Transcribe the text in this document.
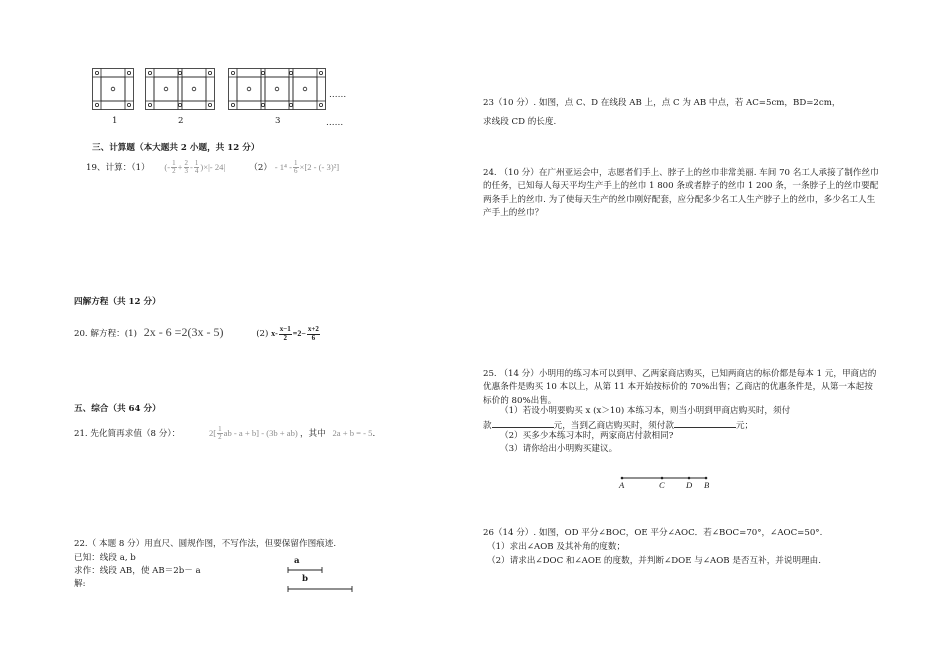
1	2	3
……
……
三、计算题（本大题共 2 小题，共 12 分）
19、计算：（1） (- $\frac{1}{2} + \frac{2}{3} - \frac{1}{4}$ )×|- 24|	$(2) - 1^4 - \frac{1}{6} \times[2$ - (- 3)²]
四解方程（共 12 分）
20. 解方程：(1) 2x - 6 =2(3x - 5)	(2) $x- \frac{x-1}{2} =2- \frac{x+2}{6}$
五、综合（共 64 分）
21. 先化简再求值（8 分）：	$2[ \frac{1}{2}$ ab - a + b] - (3b + ab) ，其中 2a + b = - 5.
22.（ 本题 8 分）用直尺、圆规作图，不写作法，但要保留作图痕迹.
已知：线段 a, b
求作：线段 AB，使 AB＝2b－ a
解:
a
b
23（10 分）. 如图，点 C、D 在线段 AB 上，点 C 为 AB 中点，若 AC=5cm，BD=2cm，
求线段 CD 的长度.
24. （10 分）在广州亚运会中，志愿者们手上、脖子上的丝巾非常美丽. 车间 70 名工人承接了制作丝巾的任务，已知每人每天平均生产手上的丝巾 1 800 条或者脖子的丝巾 1 200 条，一条脖子上的丝巾要配两条手上的丝巾. 为了使每天生产的丝巾刚好配套，应分配多少名工人生产脖子上的丝巾，多少名工人生产手上的丝巾？
25. （14 分）小明用的练习本可以到甲、乙两家商店购买，已知两商店的标价都是每本 1 元，甲商店的优惠条件是购买 10 本以上，从第 11 本开始按标价的 70%出售；乙商店的优惠条件是，从第一本起按标价的 80%出售。
（1）若设小明要购买 x (x＞10) 本练习本，则当小明到甲商店购买时，须付
款	元，当到乙商店购买时，须付款	元；
（2）买多少本练习本时，两家商店付款相同?
（3）请你给出小明购买建议。
A	C D B
26（14 分）. 如图，OD 平分∠BOC，OE 平分∠AOC．若∠BOC=70°，∠AOC=50°.
（1）求出∠AOB 及其补角的度数；
（2）请求出∠DOC 和∠AOE 的度数，并判断∠DOE 与∠AOB 是否互补，并说明理由.
